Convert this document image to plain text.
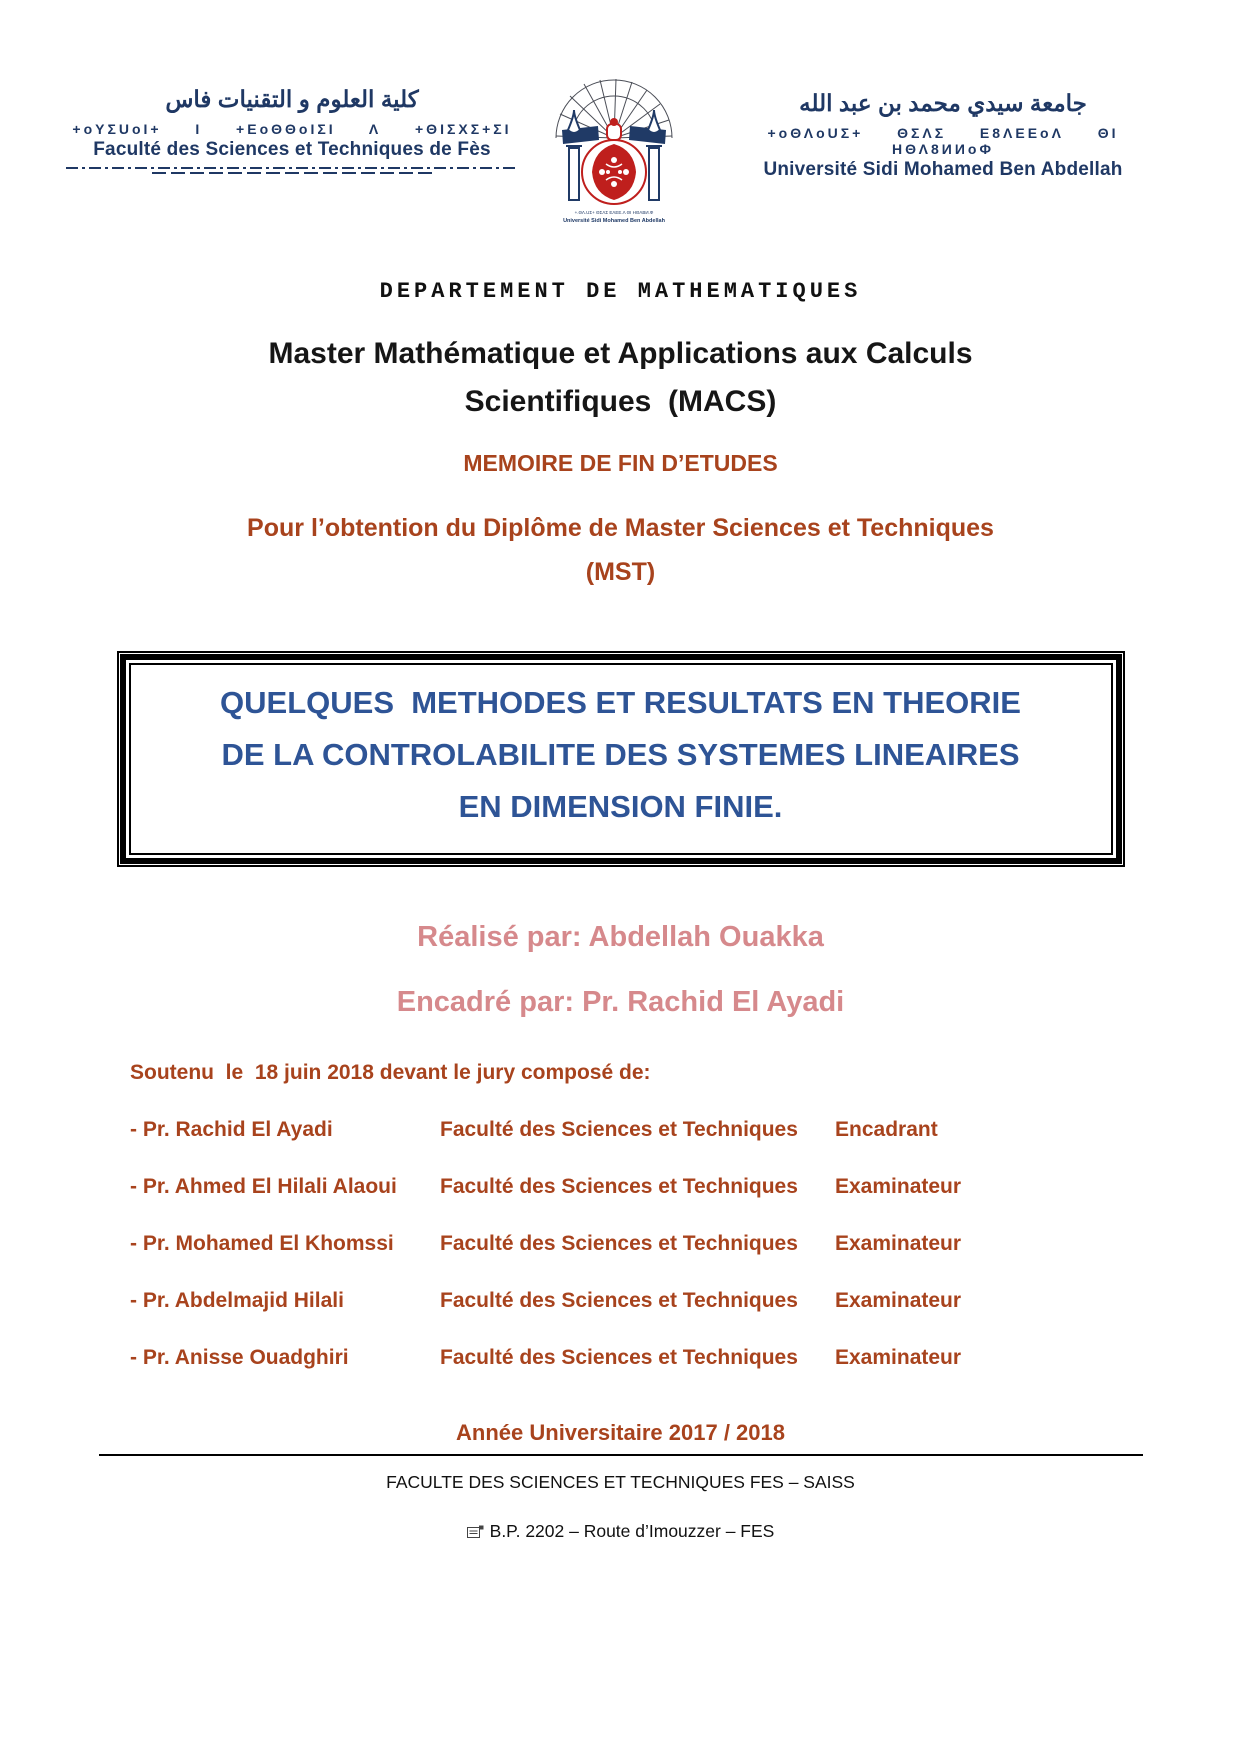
كلية العلوم و التقنيات فاس
+oΥΣUoΙ+  Ι  +ΕoΘΘoΙΣΙ  Λ  +ΘΙΣΧΣ+ΣΙ
Faculté des Sciences et Techniques de Fès
+.ΘΛ.UΣ+ ΘΣΛΣ ΕΛΕΕ.Λ ΘΙ ΗΘΛΒИ.Φ
Université Sidi Mohamed Ben Abdellah
جامعة سيدي محمد بن عبد الله
+oΘΛoUΣ+  ΘΣΛΣ  Ε8ΛΕΕoΛ  ΘΙ  ΗΘΛ8ИИoΦ
Université Sidi Mohamed Ben Abdellah
DEPARTEMENT DE MATHEMATIQUES
Master Mathématique et Applications aux Calculs
Scientifiques  (MACS)
MEMOIRE DE FIN D’ETUDES
Pour l’obtention du Diplôme de Master Sciences et Techniques
(MST)
QUELQUES  METHODES ET RESULTATS EN THEORIE
DE LA CONTROLABILITE DES SYSTEMES LINEAIRES
EN DIMENSION FINIE.
Réalisé par: Abdellah Ouakka
Encadré par: Pr. Rachid El Ayadi
Soutenu  le  18 juin 2018 devant le jury composé de:
- Pr. Rachid El Ayadi	Faculté des Sciences et Techniques	Encadrant
- Pr. Ahmed El Hilali Alaoui	Faculté des Sciences et Techniques	Examinateur
- Pr. Mohamed El Khomssi	Faculté des Sciences et Techniques	Examinateur
- Pr. Abdelmajid Hilali	Faculté des Sciences et Techniques	Examinateur
- Pr. Anisse Ouadghiri	Faculté des Sciences et Techniques	Examinateur
Année Universitaire 2017 / 2018
FACULTE DES SCIENCES ET TECHNIQUES FES – SAISS
B.P. 2202 – Route d’Imouzzer – FES
